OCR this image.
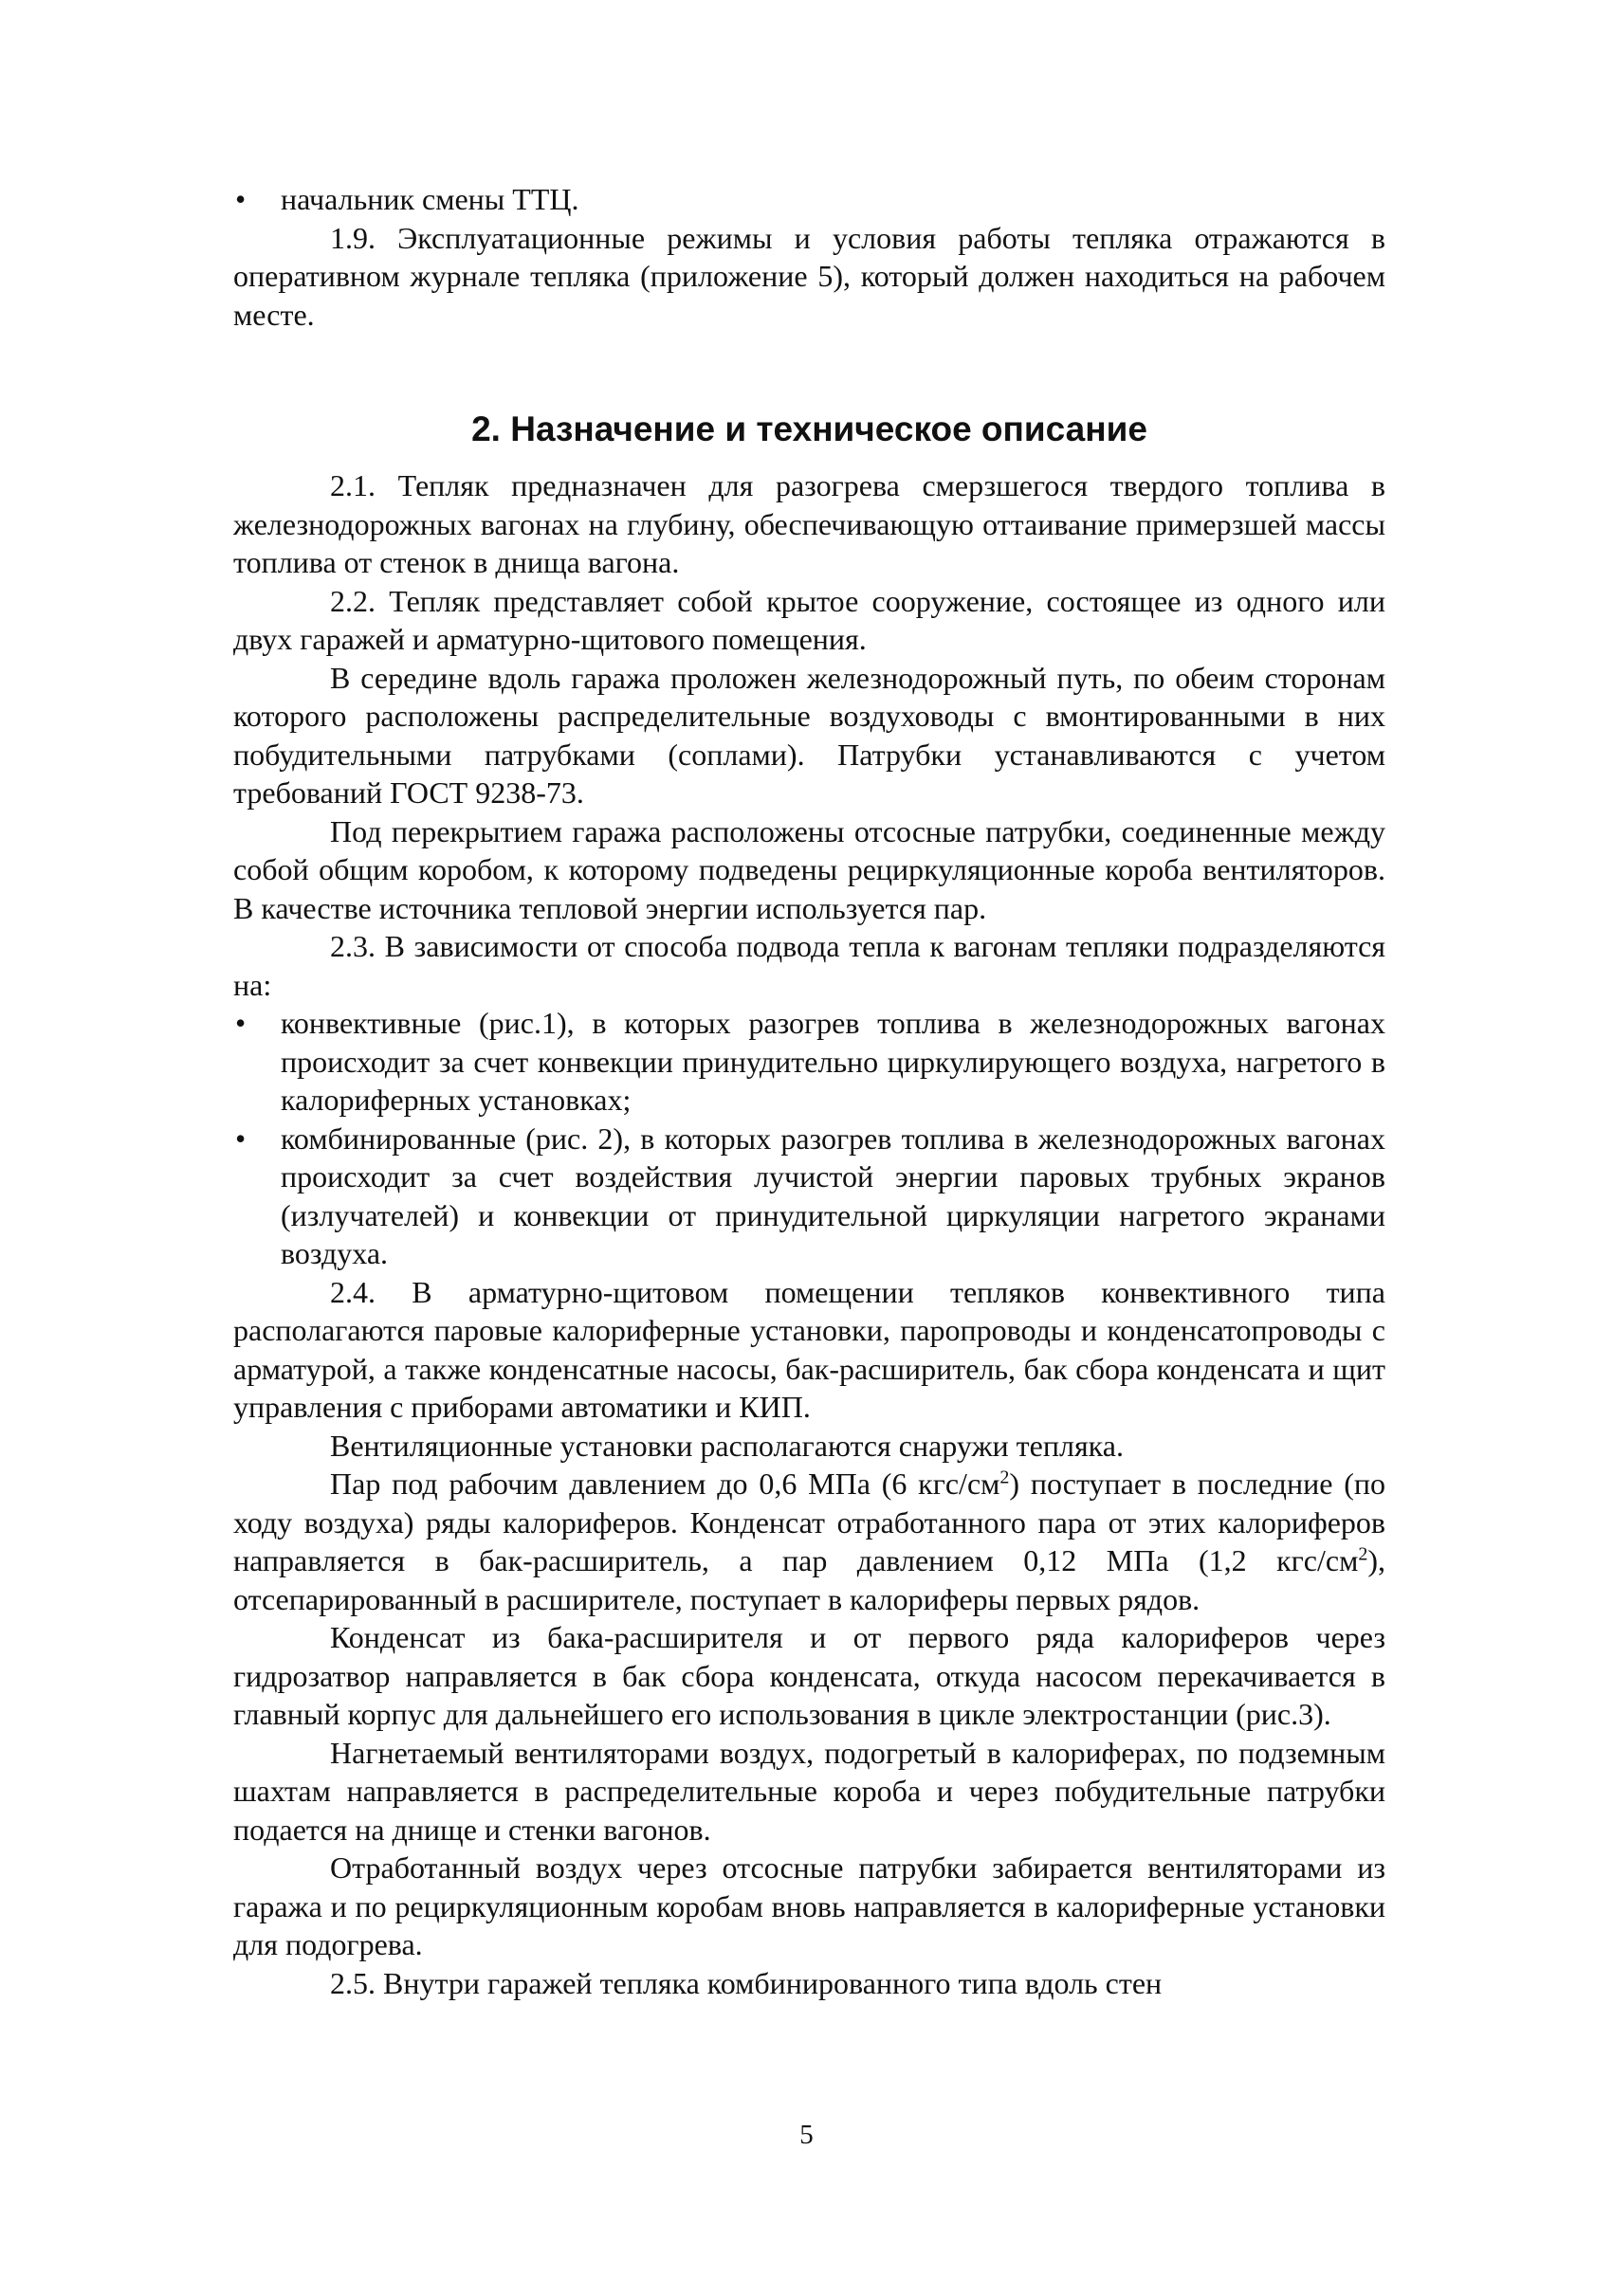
• начальник смены ТТЦ.

1.9. Эксплуатационные режимы и условия работы тепляка отражаются в оперативном журнале тепляка (приложение 5), который должен находиться на рабочем месте.

2. Назначение и техническое описание

2.1. Тепляк предназначен для разогрева смерзшегося твердого топлива в железнодорожных вагонах на глубину, обеспечивающую оттаивание примерзшей массы топлива от стенок в днища вагона.

2.2. Тепляк представляет собой крытое сооружение, состоящее из одного или двух гаражей и арматурно-щитового помещения.

В середине вдоль гаража проложен железнодорожный путь, по обеим сторонам которого расположены распределительные воздуховоды с вмонтированными в них побудительными патрубками (соплами). Патрубки устанавливаются с учетом требований ГОСТ 9238-73.

Под перекрытием гаража расположены отсосные патрубки, соединенные между собой общим коробом, к которому подведены рециркуляционные короба вентиляторов. В качестве источника тепловой энергии используется пар.

2.3. В зависимости от способа подвода тепла к вагонам тепляки подразделяются на:

• конвективные (рис.1), в которых разогрев топлива в железнодорожных вагонах происходит за счет конвекции принудительно циркулирующего воздуха, нагретого в калориферных установках;

• комбинированные (рис. 2), в которых разогрев топлива в железнодорожных вагонах происходит за счет воздействия лучистой энергии паровых трубных экранов (излучателей) и конвекции от принудительной циркуляции нагретого экранами воздуха.

2.4. В арматурно-щитовом помещении тепляков конвективного типа располагаются паровые калориферные установки, паропроводы и конденсатопроводы с арматурой, а также конденсатные насосы, бак-расширитель, бак сбора конденсата и щит управления с приборами автоматики и КИП.

Вентиляционные установки располагаются снаружи тепляка.

Пар под рабочим давлением до 0,6 МПа (6 кгс/$см^2$) поступает в последние (по ходу воздуха) ряды калориферов. Конденсат отработанного пара от этих калориферов направляется в бак-расширитель, а пар давлением 0,12 МПа (1,2 кгс/$см^2$), отсепарированный в расширителе, поступает в калориферы первых рядов.

Конденсат из бака-расширителя и от первого ряда калориферов через гидрозатвор направляется в бак сбора конденсата, откуда насосом перекачивается в главный корпус для дальнейшего его использования в цикле электростанции (рис.3).

Нагнетаемый вентиляторами воздух, подогретый в калориферах, по подземным шахтам направляется в распределительные короба и через побудительные патрубки подается на днище и стенки вагонов.

Отработанный воздух через отсосные патрубки забирается вентиляторами из гаража и по рециркуляционным коробам вновь направляется в калориферные установки для подогрева.

2.5. Внутри гаражей тепляка комбинированного типа вдоль стен

5
